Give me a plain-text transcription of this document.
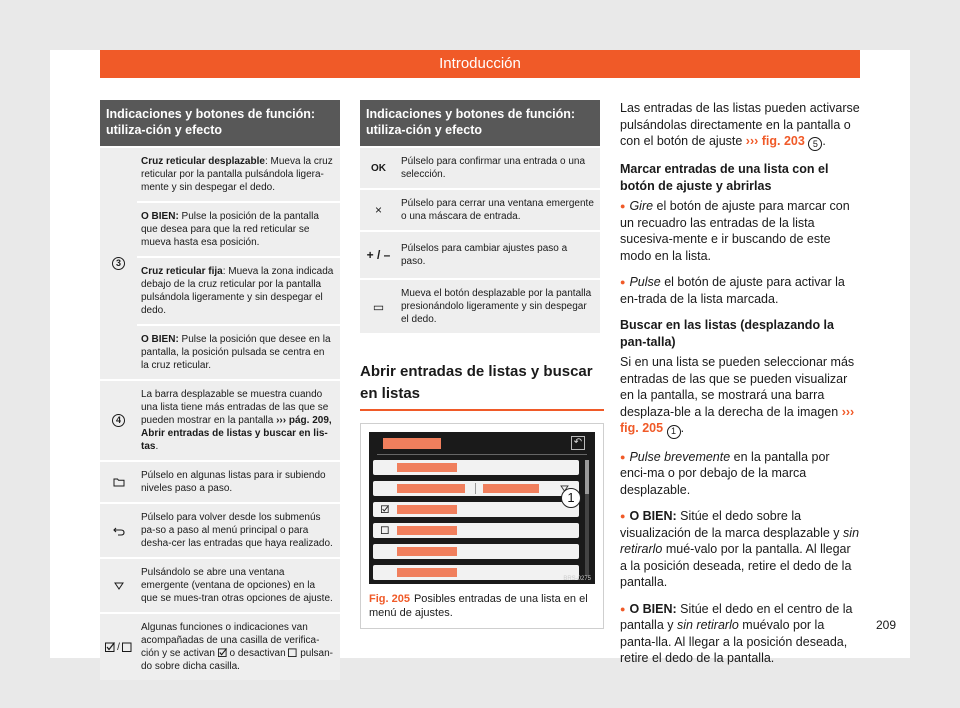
Introducción
Indicaciones y botones de función: utiliza-ción y efecto
3
Cruz reticular desplazable: Mueva la cruz reticular por la pantalla pulsándola ligera-mente y sin despegar el dedo.
O BIEN: Pulse la posición de la pantalla que desea para que la red reticular se mueva hasta esa posición.
Cruz reticular fija: Mueva la zona indicada debajo de la cruz reticular por la pantalla pulsándola ligeramente y sin despegar el dedo.
O BIEN: Pulse la posición que desee en la pantalla, la posición pulsada se centra en la cruz reticular.
4
La barra desplazable se muestra cuando una lista tiene más entradas de las que se pueden mostrar en la pantalla ››› pág. 209, Abrir entradas de listas y buscar en lis-tas.
Púlselo en algunas listas para ir subiendo niveles paso a paso.
Púlselo para volver desde los submenús pa-so a paso al menú principal o para desha-cer las entradas que haya realizado.
Pulsándolo se abre una ventana emergente (ventana de opciones) en la que se mues-tran otras opciones de ajuste.
/
Algunas funciones o indicaciones van acompañadas de una casilla de verifica-ción y se activan  o desactivan  pulsan-do sobre dicha casilla.
Indicaciones y botones de función: utiliza-ción y efecto
OK
Púlselo para confirmar una entrada o una selección.
×	Púlselo para cerrar una ventana emergente o una máscara de entrada.
+ / –	Púlselos para cambiar ajustes paso a paso.
▭
Mueva el botón desplazable por la pantalla presionándolo ligeramente y sin despegar el dedo.
Abrir entradas de listas y buscar en listas
↶
1
BRS-0275
Fig. 205 Posibles entradas de una lista en el menú de ajustes.

Las entradas de las listas pueden activarse pulsándolas directamente en la pantalla o con el botón de ajuste ››› fig. 203 5 .

Marcar entradas de una lista con el botón de ajuste y abrirlas

● Gire el botón de ajuste para marcar con un recuadro las entradas de la lista sucesiva-mente e ir buscando de este modo en la lista.

● Pulse el botón de ajuste para activar la en-trada de la lista marcada.

Buscar en las listas (desplazando la pan-talla)

Si en una lista se pueden seleccionar más entradas de las que se pueden visualizar en la pantalla, se mostrará una barra desplaza-ble a la derecha de la imagen ››› fig. 205 1 .

● Pulse brevemente en la pantalla por enci-ma o por debajo de la marca desplazable.

● O BIEN: Sitúe el dedo sobre la visualización de la marca desplazable y sin retirarlo mué-valo por la pantalla. Al llegar a la posición deseada, retire el dedo de la pantalla.

● O BIEN: Sitúe el dedo en el centro de la pantalla y sin retirarlo muévalo por la panta-lla. Al llegar a la posición deseada, retire el dedo de la pantalla.

209
